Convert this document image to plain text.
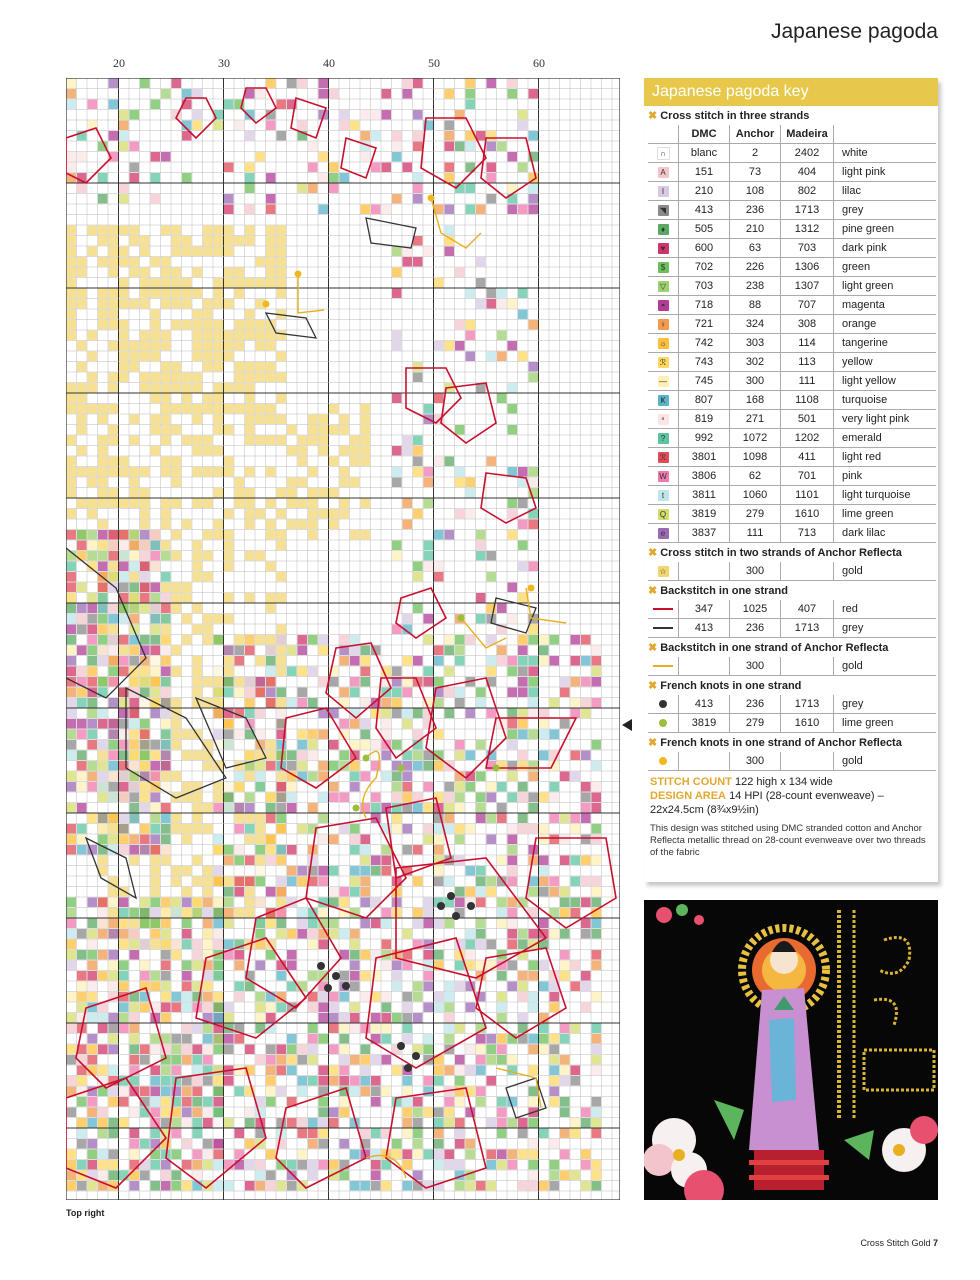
Japanese pagoda
20	30	40	50	60
Top right
Japanese pagoda key
✖ Cross stitch in three strands
	DMC	Anchor	Madeira	
∩	blanc	2	2402	white
A	151	73	404	light pink
I	210	108	802	lilac
◥	413	236	1713	grey
♦	505	210	1312	pine green
♥	600	63	703	dark pink
$	702	226	1306	green
▽	703	238	1307	light green
◓	718	88	707	magenta
♀	721	324	308	orange
☼	742	303	114	tangerine
ℛ	743	302	113	yellow
—	745	300	111	light yellow
Ҝ	807	168	1108	turquoise
ⁿ	819	271	501	very light pink
?	992	1072	1202	emerald
ℛ	3801	1098	411	light red
W	3806	62	701	pink
t	3811	1060	1101	light turquoise
Q	3819	279	1610	lime green
e	3837	111	713	dark lilac
✖ Cross stitch in two strands of Anchor Reflecta
☆		300		gold
✖ Backstitch in one strand
	347	1025	407	red
	413	236	1713	grey
✖ Backstitch in one strand of Anchor Reflecta
		300		gold
✖ French knots in one strand
	413	236	1713	grey
	3819	279	1610	lime green
✖ French knots in one strand of Anchor Reflecta
		300		gold
STITCH COUNT 122 high x 134 wide
DESIGN AREA 14 HPI (28-count evenweave) – 22x24.5cm (8¾x9½in)
This design was stitched using DMC stranded cotton and Anchor Reflecta metallic thread on 28-count evenweave over two threads of the fabric
Cross Stitch Gold 7
